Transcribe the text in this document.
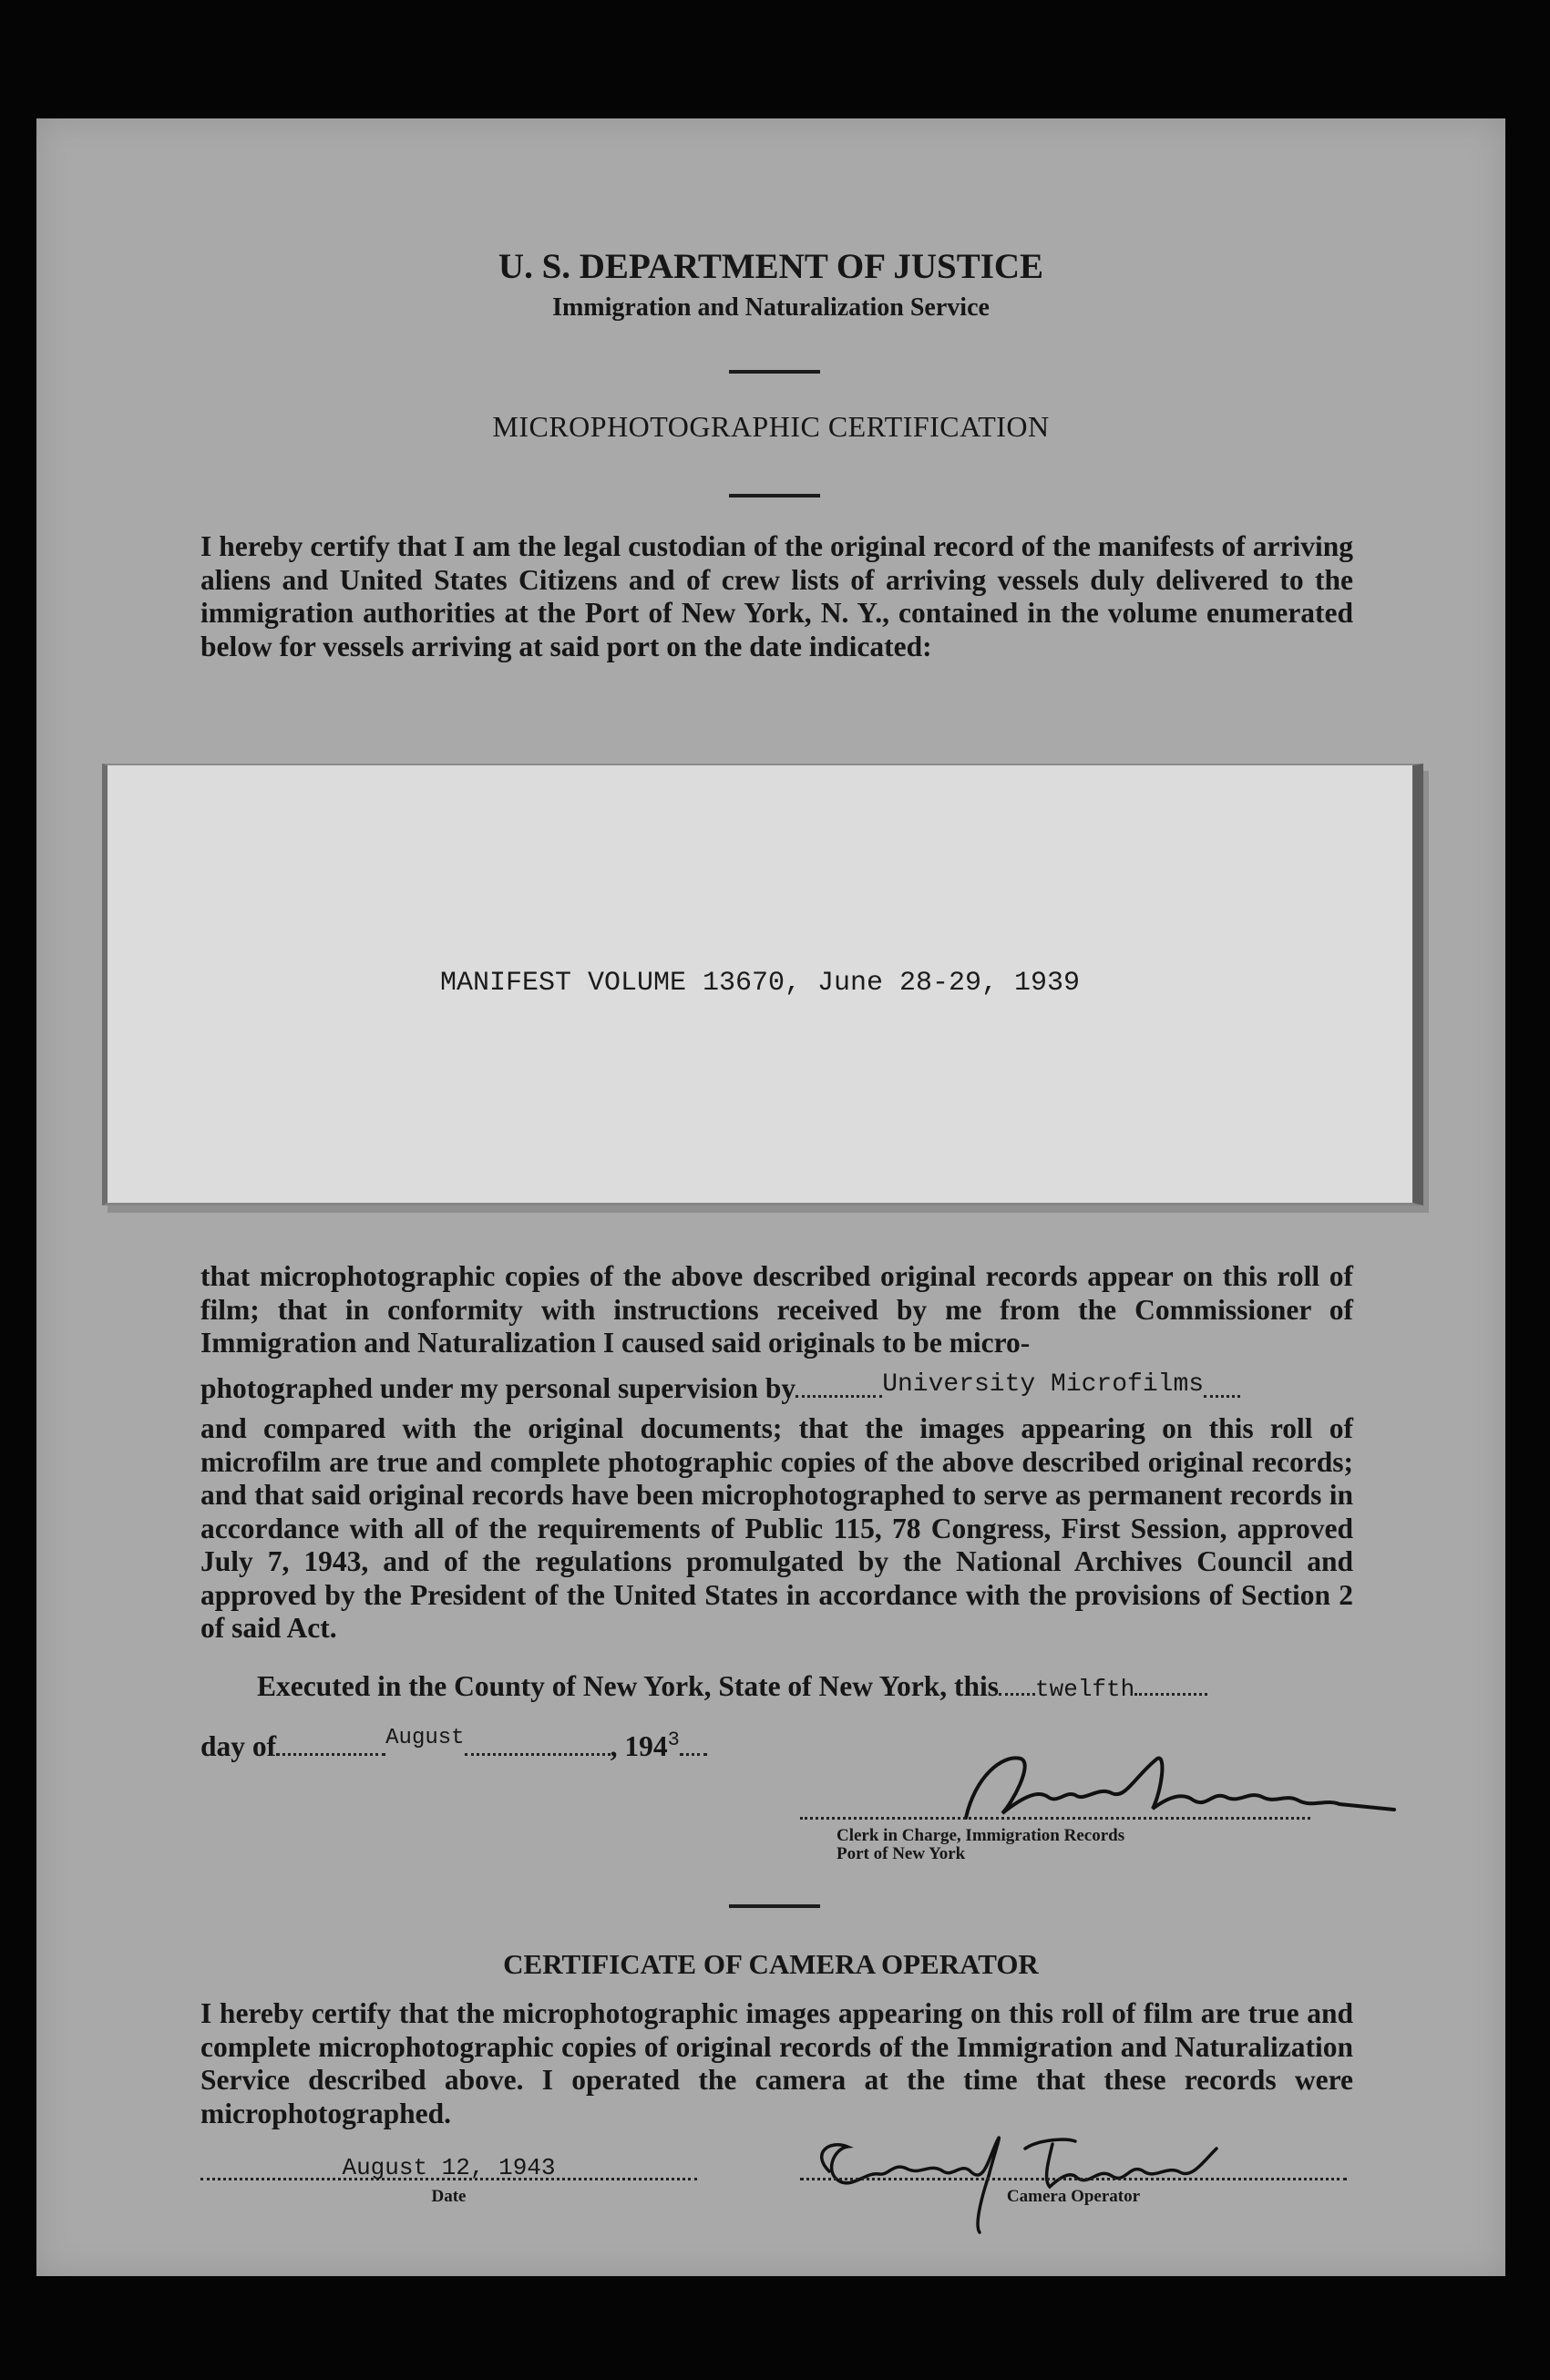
U. S. DEPARTMENT OF JUSTICE
Immigration and Naturalization Service
MICROPHOTOGRAPHIC CERTIFICATION
I hereby certify that I am the legal custodian of the original record of the manifests of arriving aliens and United States Citizens and of crew lists of arriving vessels duly delivered to the immigration authorities at the Port of New York, N. Y., contained in the volume enumerated below for vessels arriving at said port on the date indicated:
MANIFEST VOLUME 13670, June 28-29, 1939
that microphotographic copies of the above described original records appear on this roll of film; that in conformity with instructions received by me from the Commissioner of Immigration and Naturalization I caused said originals to be micro-
photographed under my personal supervision by	University Microfilms
and compared with the original documents; that the images appearing on this roll of microfilm are true and complete photographic copies of the above described original records; and that said original records have been microphotographed to serve as permanent records in accordance with all of the requirements of Public 115, 78 Congress, First Session, approved July 7, 1943, and of the regulations promulgated by the National Archives Council and approved by the President of the United States in accordance with the provisions of Section 2 of said Act.
Executed in the County of New York, State of New York, this twelfth
day of	$^{August}$	, $194^3$
Clerk in Charge, Immigration Records
Port of New York
CERTIFICATE OF CAMERA OPERATOR
I hereby certify that the microphotographic images appearing on this roll of film are true and complete microphotographic copies of original records of the Immigration and Naturalization Service described above. I operated the camera at the time that these records were microphotographed.
August 12, 1943
Date	Camera Operator
